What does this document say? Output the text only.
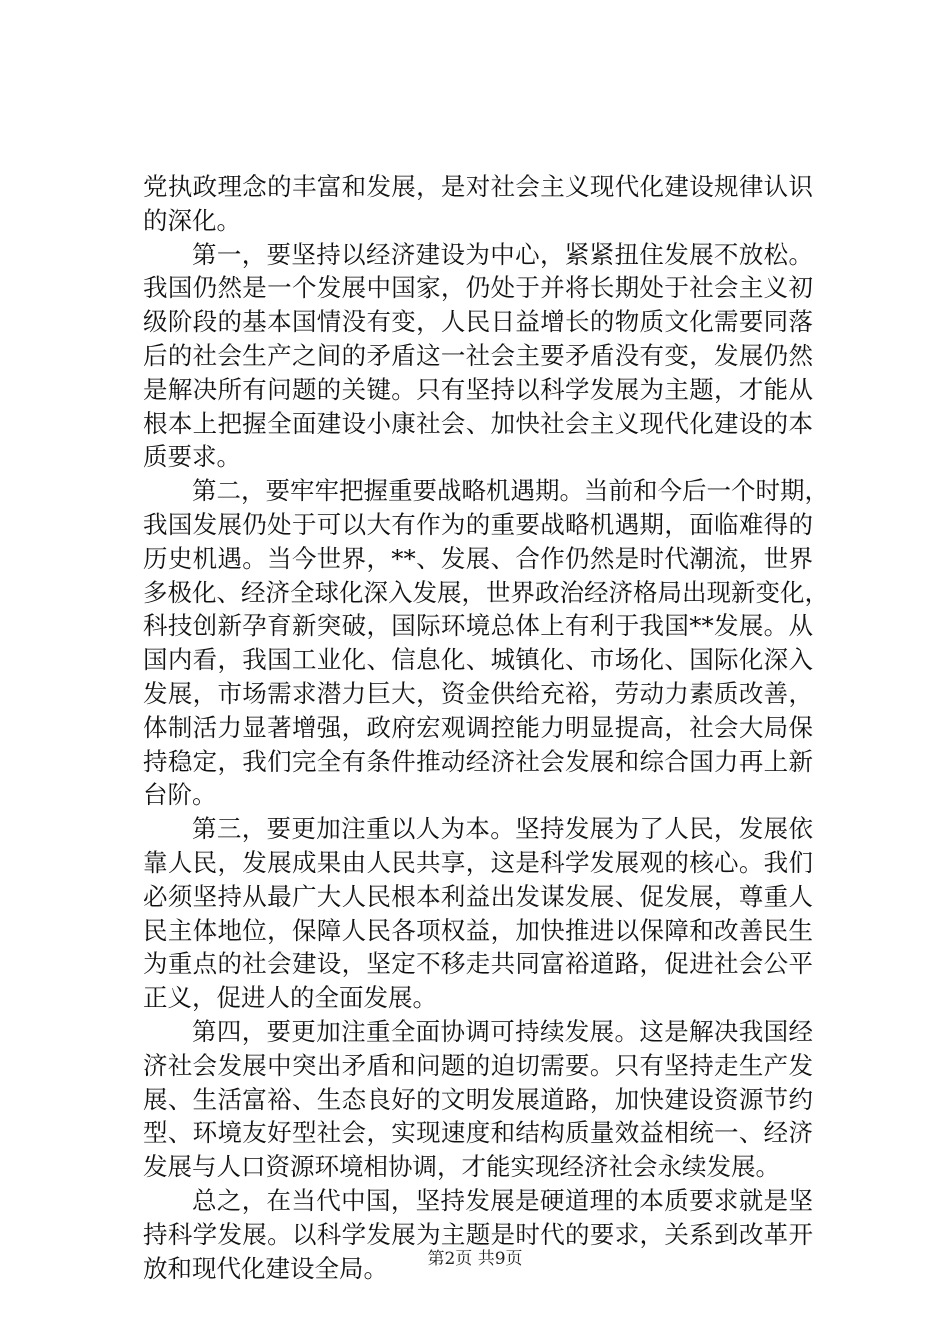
党执政理念的丰富和发展，是对社会主义现代化建设规律认识
的深化。
第一，要坚持以经济建设为中心，紧紧扭住发展不放松。
我国仍然是一个发展中国家，仍处于并将长期处于社会主义初
级阶段的基本国情没有变，人民日益增长的物质文化需要同落
后的社会生产之间的矛盾这一社会主要矛盾没有变，发展仍然
是解决所有问题的关键。只有坚持以科学发展为主题，才能从
根本上把握全面建设小康社会、加快社会主义现代化建设的本
质要求。
第二，要牢牢把握重要战略机遇期。当前和今后一个时期，
我国发展仍处于可以大有作为的重要战略机遇期，面临难得的
历史机遇。当今世界，**、发展、合作仍然是时代潮流，世界
多极化、经济全球化深入发展，世界政治经济格局出现新变化，
科技创新孕育新突破，国际环境总体上有利于我国**发展。从
国内看，我国工业化、信息化、城镇化、市场化、国际化深入
发展，市场需求潜力巨大，资金供给充裕，劳动力素质改善，
体制活力显著增强，政府宏观调控能力明显提高，社会大局保
持稳定，我们完全有条件推动经济社会发展和综合国力再上新
台阶。
第三，要更加注重以人为本。坚持发展为了人民，发展依
靠人民，发展成果由人民共享，这是科学发展观的核心。我们
必须坚持从最广大人民根本利益出发谋发展、促发展，尊重人
民主体地位，保障人民各项权益，加快推进以保障和改善民生
为重点的社会建设，坚定不移走共同富裕道路，促进社会公平
正义，促进人的全面发展。
第四，要更加注重全面协调可持续发展。这是解决我国经
济社会发展中突出矛盾和问题的迫切需要。只有坚持走生产发
展、生活富裕、生态良好的文明发展道路，加快建设资源节约
型、环境友好型社会，实现速度和结构质量效益相统一、经济
发展与人口资源环境相协调，才能实现经济社会永续发展。
总之，在当代中国，坚持发展是硬道理的本质要求就是坚
持科学发展。以科学发展为主题是时代的要求，关系到改革开
放和现代化建设全局。	第2页 共9页
